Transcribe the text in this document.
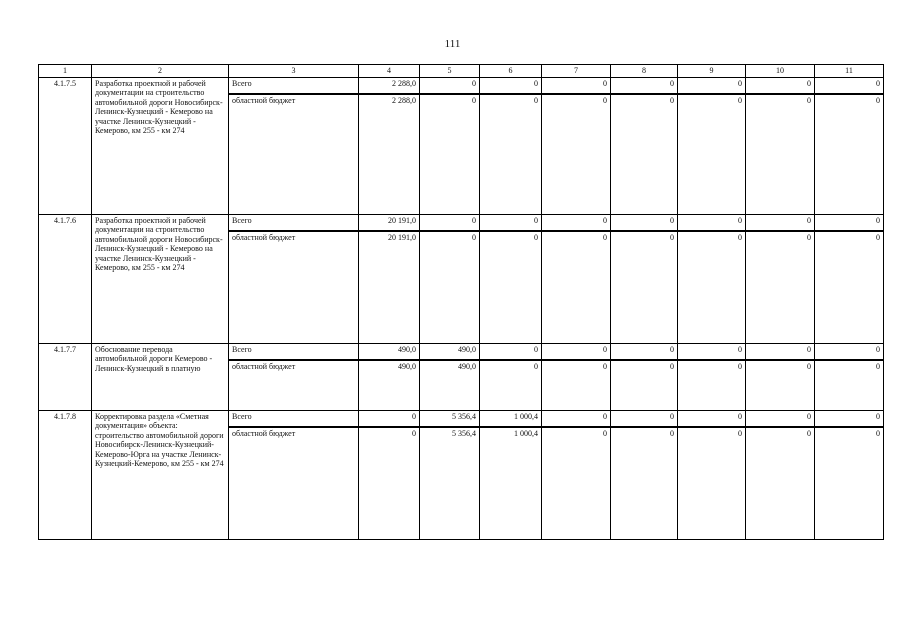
111
1	2	3	4	5	6	7	8	9	10	11
4.1.7.5	Разработка проектной и рабочей документации на строительство автомобильной дороги Новосибирск-Ленинск-Кузнецкий - Кемерово на участке Ленинск-Кузнецкий - Кемерово, км 255 - км 274	Всего	2 288,0	0	0	0	0	0	0	0
		областной бюджет	2 288,0	0	0	0	0	0	0	0
4.1.7.6	Разработка проектной и рабочей документации на строительство автомобильной дороги Новосибирск-Ленинск-Кузнецкий - Кемерово на участке Ленинск-Кузнецкий - Кемерово, км 255 - км 274	Всего	20 191,0	0	0	0	0	0	0	0
		областной бюджет	20 191,0	0	0	0	0	0	0	0
4.1.7.7	Обоснование перевода автомобильной дороги Кемерово - Ленинск-Кузнецкий в платную	Всего	490,0	490,0	0	0	0	0	0	0
		областной бюджет	490,0	490,0	0	0	0	0	0	0
4.1.7.8	Корректировка раздела «Сметная документация» объекта: строительство автомобильной дороги Новосибирск-Ленинск-Кузнецкий-Кемерово-Юрга на участке Ленинск-Кузнецкий-Кемерово, км 255 - км 274	Всего	0	5 356,4	1 000,4	0	0	0	0	0
		областной бюджет	0	5 356,4	1 000,4	0	0	0	0	0
